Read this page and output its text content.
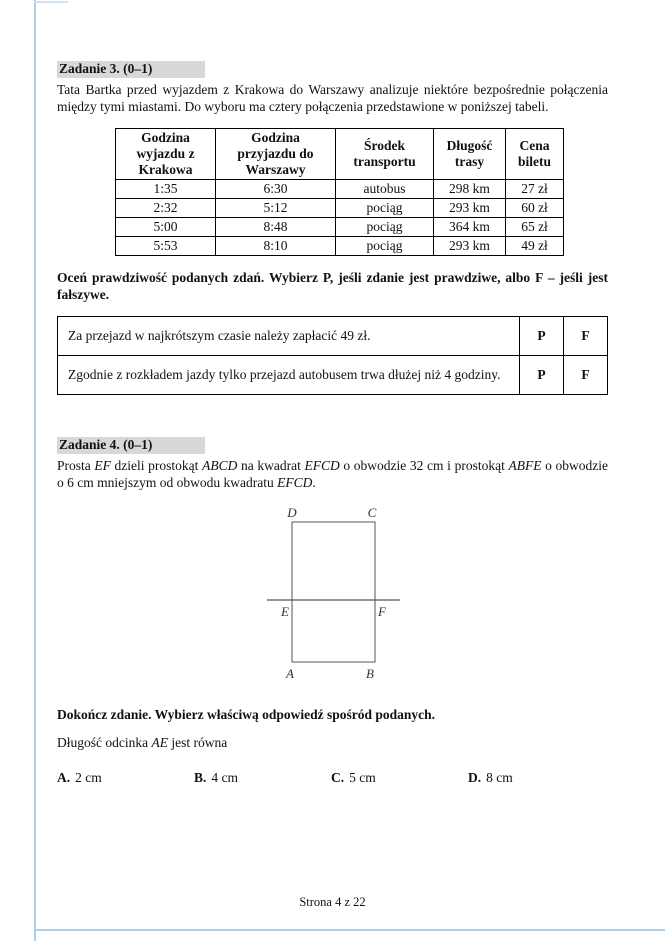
Zadanie 3. (0–1)

Tata Bartka przed wyjazdem z Krakowa do Warszawy analizuje niektóre bezpośrednie połączenia między tymi miastami. Do wyboru ma cztery połączenia przedstawione w poniższej tabeli.

Godzina wyjazdu z Krakowa	Godzina przyjazdu do Warszawy	Środek transportu	Długość trasy	Cena biletu
1:35	6:30	autobus	298 km	27 zł
2:32	5:12	pociąg	293 km	60 zł
5:00	8:48	pociąg	364 km	65 zł
5:53	8:10	pociąg	293 km	49 zł

Oceń prawdziwość podanych zdań. Wybierz P, jeśli zdanie jest prawdziwe, albo F – jeśli jest fałszywe.

Za przejazd w najkrótszym czasie należy zapłacić 49 zł.	P	F
Zgodnie z rozkładem jazdy tylko przejazd autobusem trwa dłużej niż 4 godziny.	P	F
Zadanie 4. (0–1)

Prosta EF dzieli prostokąt ABCD na kwadrat EFCD o obwodzie 32 cm i prostokąt ABFE o obwodzie o 6 cm mniejszym od obwodu kwadratu EFCD.

D	C
E	F
A	B

Dokończ zdanie. Wybierz właściwą odpowiedź spośród podanych.

Długość odcinka AE jest równa

A. 2 cm	B. 4 cm	C. 5 cm	D. 8 cm
Strona 4 z 22
